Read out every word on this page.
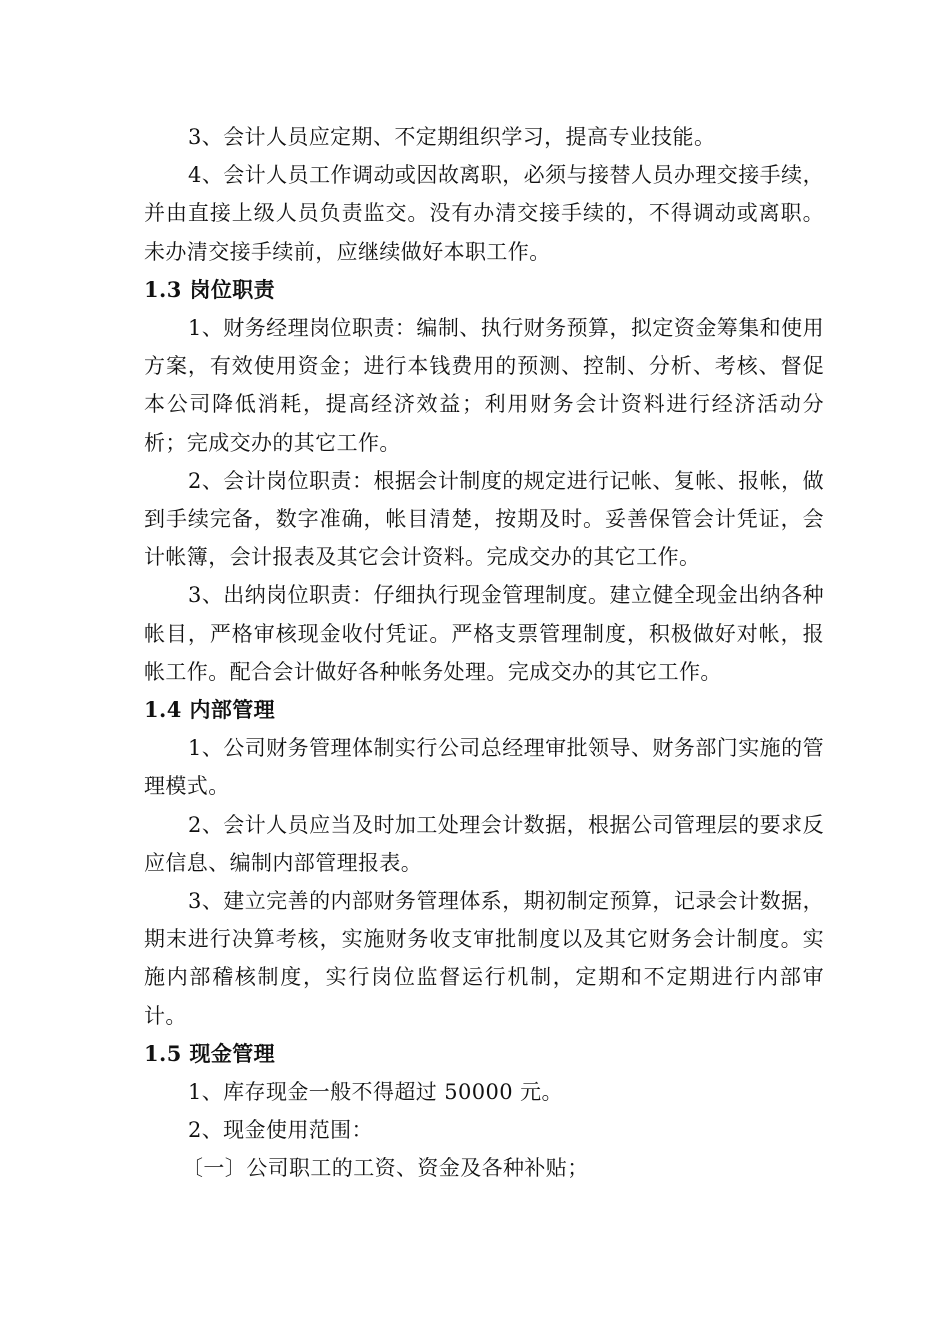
3、会计人员应定期、不定期组织学习，提高专业技能。

4、会计人员工作调动或因故离职，必须与接替人员办理交接手续，并由直接上级人员负责监交。没有办清交接手续的，不得调动或离职。未办清交接手续前，应继续做好本职工作。

1.3 岗位职责

1、财务经理岗位职责：编制、执行财务预算，拟定资金筹集和使用方案，有效使用资金；进行本钱费用的预测、控制、分析、考核、督促本公司降低消耗，提高经济效益；利用财务会计资料进行经济活动分析；完成交办的其它工作。

2、会计岗位职责：根据会计制度的规定进行记帐、复帐、报帐，做到手续完备，数字准确，帐目清楚，按期及时。妥善保管会计凭证，会计帐簿，会计报表及其它会计资料。完成交办的其它工作。

3、出纳岗位职责：仔细执行现金管理制度。建立健全现金出纳各种帐目，严格审核现金收付凭证。严格支票管理制度，积极做好对帐，报帐工作。配合会计做好各种帐务处理。完成交办的其它工作。

1.4 内部管理

1、公司财务管理体制实行公司总经理审批领导、财务部门实施的管理模式。

2、会计人员应当及时加工处理会计数据，根据公司管理层的要求反应信息、编制内部管理报表。

3、建立完善的内部财务管理体系，期初制定预算，记录会计数据，期末进行决算考核，实施财务收支审批制度以及其它财务会计制度。实施内部稽核制度，实行岗位监督运行机制，定期和不定期进行内部审计。

1.5 现金管理

1、库存现金一般不得超过 50000 元。

2、现金使用范围：

〔一〕公司职工的工资、资金及各种补贴；
